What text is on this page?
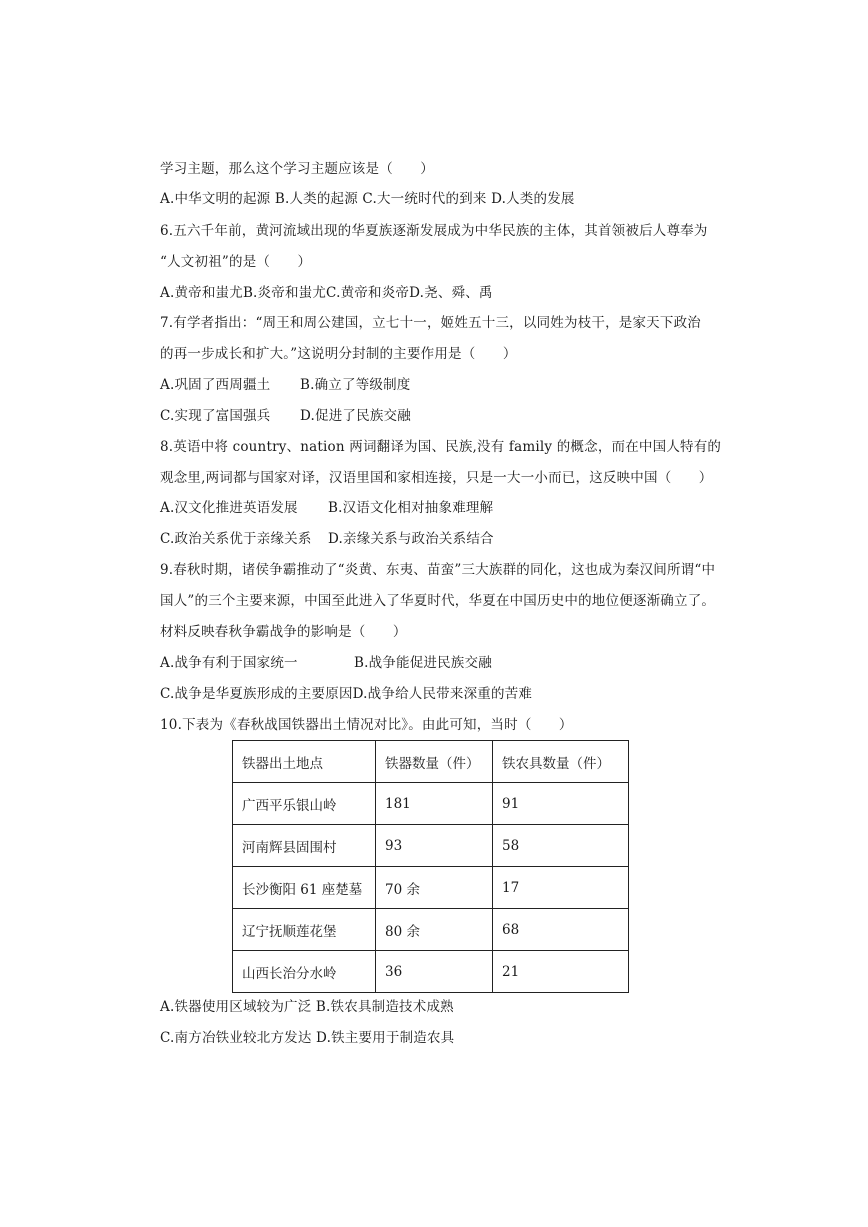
学习主题，那么这个学习主题应该是（　　）
A.中华文明的起源 B.人类的起源 C.大一统时代的到来 D.人类的发展
6.五六千年前，黄河流域出现的华夏族逐渐发展成为中华民族的主体，其首领被后人尊奉为
“人文初祖”的是（　　）
A.黄帝和蚩尤B.炎帝和蚩尤C.黄帝和炎帝D.尧、舜、禹
7.有学者指出：“周王和周公建国，立七十一，姬姓五十三，以同姓为枝干，是家天下政治
的再一步成长和扩大。”这说明分封制的主要作用是（　　）
A.巩固了西周疆土 B.确立了等级制度
C.实现了富国强兵 D.促进了民族交融
8.英语中将 country、nation 两词翻译为国、民族,没有 family 的概念，而在中国人特有的
观念里,两词都与国家对译，汉语里国和家相连接，只是一大一小而已，这反映中国（　　）
A.汉文化推进英语发展 B.汉语文化相对抽象难理解
C.政治关系优于亲缘关系 D.亲缘关系与政治关系结合
9.春秋时期，诸侯争霸推动了“炎黄、东夷、苗蛮”三大族群的同化，这也成为秦汉间所谓“中
国人”的三个主要来源，中国至此进入了华夏时代，华夏在中国历史中的地位便逐渐确立了。
材料反映春秋争霸战争的影响是（　　）
A.战争有利于国家统一	B.战争能促进民族交融
C.战争是华夏族形成的主要原因D.战争给人民带来深重的苦难
10.下表为《春秋战国铁器出土情况对比》。由此可知，当时（　　）
铁器出土地点	铁器数量（件）	铁农具数量（件）
广西平乐银山岭	181	91
河南辉县固围村	93	58
长沙衡阳 61 座楚墓	70 余	17
辽宁抚顺莲花堡	80 余	68
山西长治分水岭	36	21
A.铁器使用区域较为广泛 B.铁农具制造技术成熟
C.南方冶铁业较北方发达 D.铁主要用于制造农具
